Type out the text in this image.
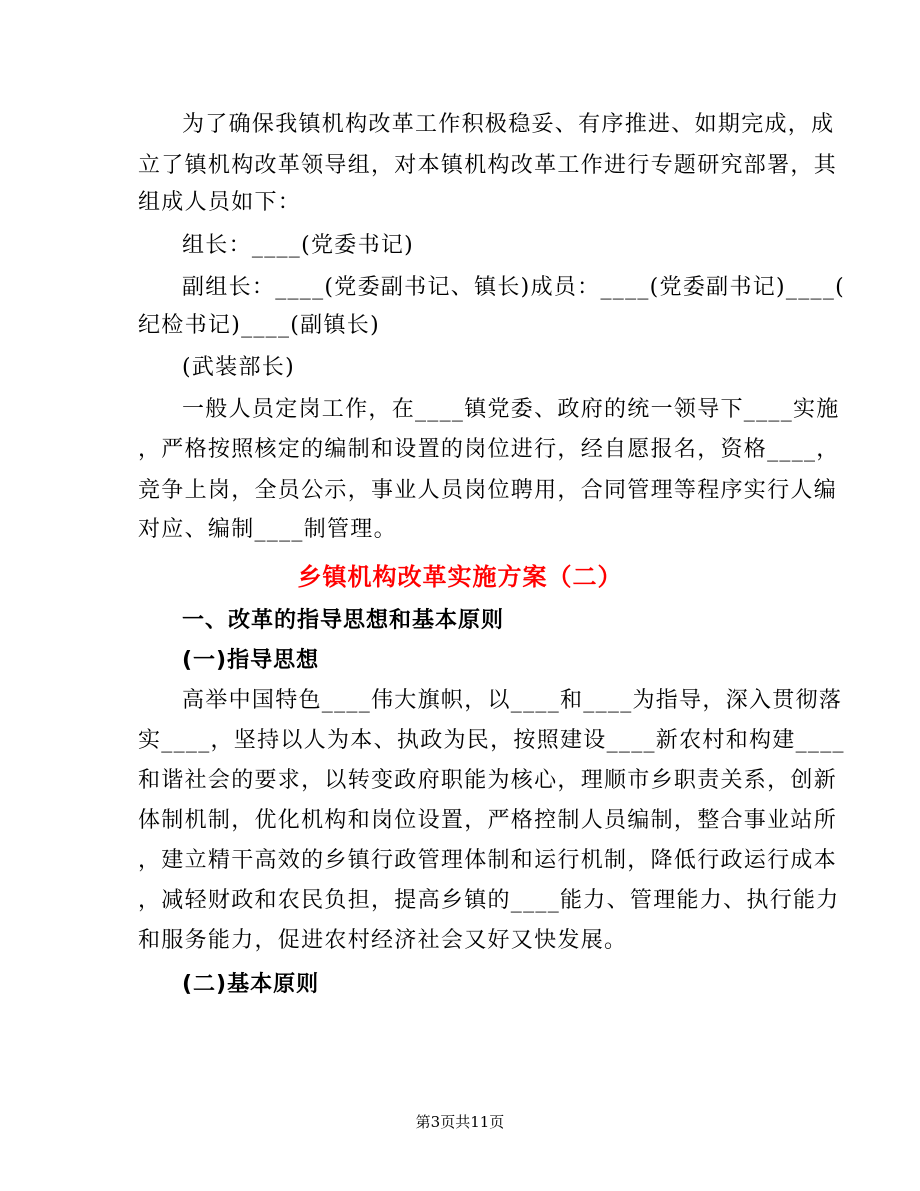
为了确保我镇机构改革工作积极稳妥、有序推进、如期完成，成
立了镇机构改革领导组，对本镇机构改革工作进行专题研究部署，其
组成人员如下：
组长：____(党委书记)
副组长：____(党委副书记、镇长)成员：____(党委副书记)____(
纪检书记)____(副镇长)
(武装部长)
一般人员定岗工作，在____镇党委、政府的统一领导下____实施
，严格按照核定的编制和设置的岗位进行，经自愿报名，资格____，
竞争上岗，全员公示，事业人员岗位聘用，合同管理等程序实行人编
对应、编制____制管理。
乡镇机构改革实施方案（二）
一、改革的指导思想和基本原则
(一)指导思想
高举中国特色____伟大旗帜，以____和____为指导，深入贯彻落
实____，坚持以人为本、执政为民，按照建设____新农村和构建____
和谐社会的要求，以转变政府职能为核心，理顺市乡职责关系，创新
体制机制，优化机构和岗位设置，严格控制人员编制，整合事业站所
，建立精干高效的乡镇行政管理体制和运行机制，降低行政运行成本
，减轻财政和农民负担，提高乡镇的____能力、管理能力、执行能力
和服务能力，促进农村经济社会又好又快发展。
(二)基本原则
第3页共11页
